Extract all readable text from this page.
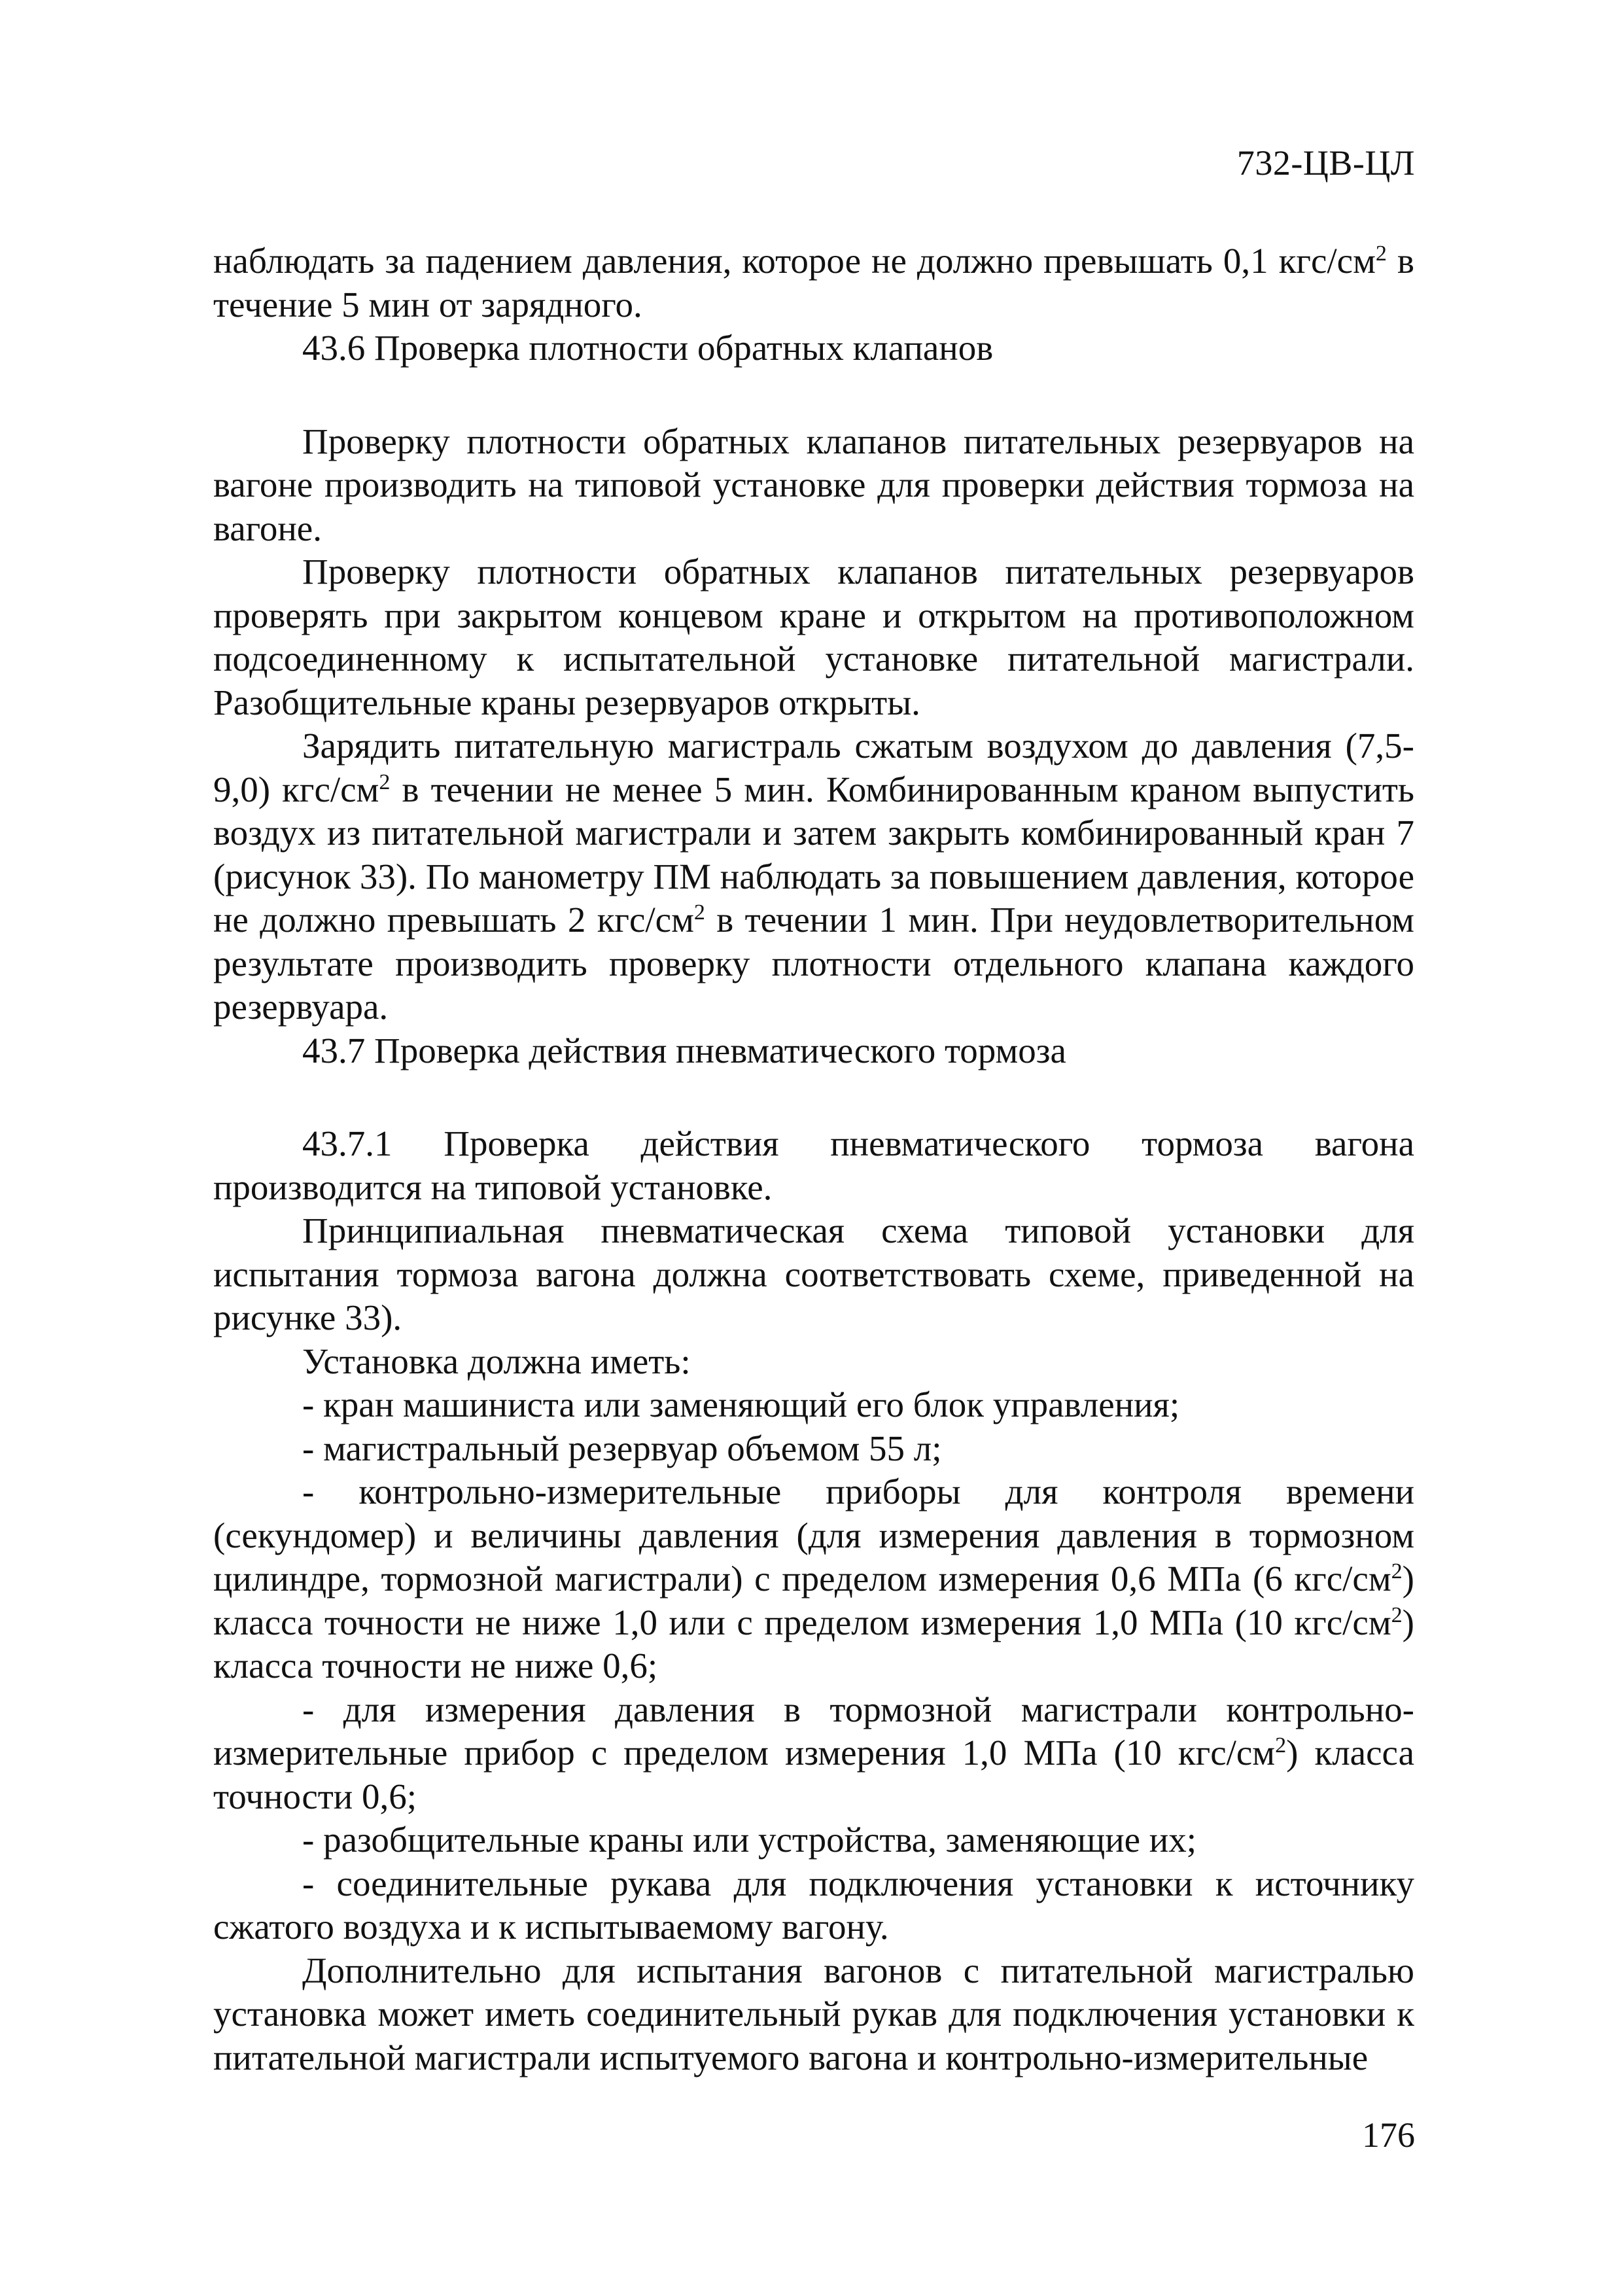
732-ЦВ-ЦЛ

наблюдать за падением давления, которое не должно превышать 0,1 кгс/$см^2$ в течение 5 мин от зарядного.

43.6 Проверка плотности обратных клапанов

Проверку плотности обратных клапанов питательных резервуаров на вагоне производить на типовой установке для проверки действия тормоза на вагоне.

Проверку плотности обратных клапанов питательных резервуаров проверять при закрытом концевом кране и открытом на противоположном подсоединенному к испытательной установке питательной магистрали. Разобщительные краны резервуаров открыты.

Зарядить питательную магистраль сжатым воздухом до давления (7,5-9,0) кгс/$см^2$ в течении не менее 5 мин. Комбинированным краном выпустить воздух из питательной магистрали и затем закрыть комбинированный кран 7 (рисунок 33). По манометру ПМ наблюдать за повышением давления, которое не должно превышать 2 кгс/$см^2$ в течении 1 мин. При неудовлетворительном результате производить проверку плотности отдельного клапана каждого резервуара.

43.7 Проверка действия пневматического тормоза

43.7.1 Проверка действия пневматического тормоза вагона производится на типовой установке.

Принципиальная пневматическая схема типовой установки для испытания тормоза вагона должна соответствовать схеме, приведенной на рисунке 33).

Установка должна иметь:

- кран машиниста или заменяющий его блок управления;

- магистральный резервуар объемом 55 л;

- контрольно-измерительные приборы для контроля времени (секундомер) и величины давления (для измерения давления в тормозном цилиндре, тормозной магистрали) с пределом измерения 0,6 МПа (6 кгс/$см^2$) класса точности не ниже 1,0 или с пределом измерения 1,0 МПа (10 кгс/$см^2$) класса точности не ниже 0,6;

- для измерения давления в тормозной магистрали контрольно-измерительные прибор с пределом измерения 1,0 МПа (10 кгс/$см^2$) класса точности 0,6;

- разобщительные краны или устройства, заменяющие их;

- соединительные рукава для подключения установки к источнику сжатого воздуха и к испытываемому вагону.

Дополнительно для испытания вагонов с питательной магистралью установка может иметь соединительный рукав для подключения установки к питательной магистрали испытуемого вагона и контрольно-измерительные

176
